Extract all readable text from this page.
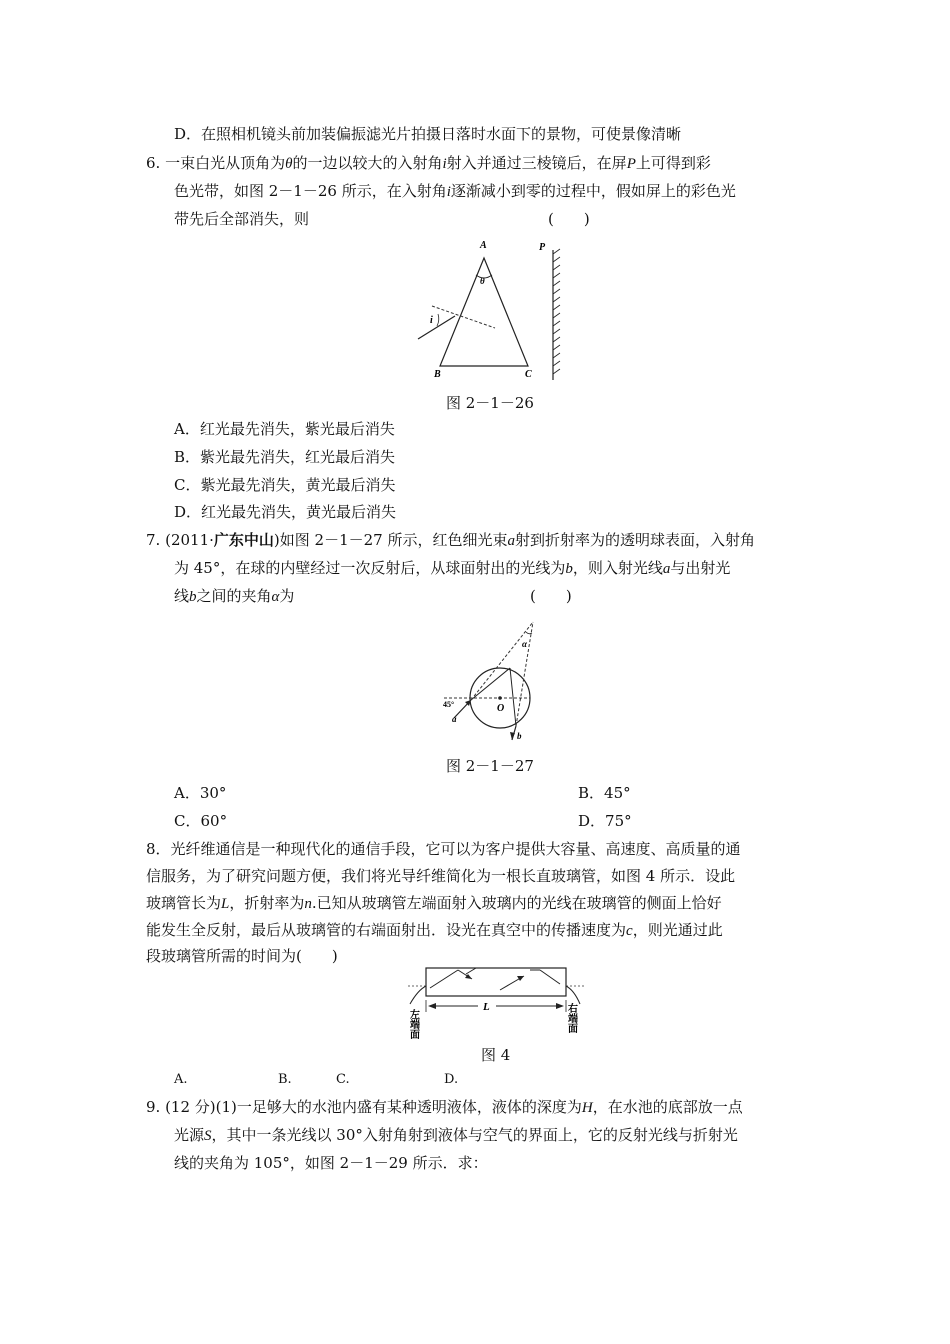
D．在照相机镜头前加装偏振滤光片拍摄日落时水面下的景物，可使景像清晰
6. 一束白光从顶角为θ的一边以较大的入射角i射入并通过三棱镜后，在屏P上可得到彩
色光带，如图 2－1－26 所示，在入射角i逐渐减小到零的过程中，假如屏上的彩色光
带先后全部消失，则	(　　)
A
B	C
P
θ
i
图 2－1－26
A．红光最先消失，紫光最后消失
B．紫光最先消失，红光最后消失
C．紫光最先消失，黄光最后消失
D．红光最先消失，黄光最后消失
7. (2011·广东中山)如图 2－1－27 所示，红色细光束a射到折射率为的透明球表面，入射角
为 45°，在球的内壁经过一次反射后，从球面射出的光线为b，则入射光线a与出射光
线b之间的夹角α为	(　　)
O
45°
a
b
α
图 2－1－27
A．30°	B．45°
C．60°	D．75°
8．光纤维通信是一种现代化的通信手段，它可以为客户提供大容量、高速度、高质量的通
信服务，为了研究问题方便，我们将光导纤维简化为一根长直玻璃管，如图 4 所示．设此
玻璃管长为L，折射率为n.已知从玻璃管左端面射入玻璃内的光线在玻璃管的侧面上恰好
能发生全反射，最后从玻璃管的右端面射出．设光在真空中的传播速度为c，则光通过此
段玻璃管所需的时间为(　　)
L
左
端
面
右
端
面
图 4
A.	B.	C.	D.
9. (12 分)(1)一足够大的水池内盛有某种透明液体，液体的深度为H，在水池的底部放一点
光源S，其中一条光线以 30°入射角射到液体与空气的界面上，它的反射光线与折射光
线的夹角为 105°，如图 2－1－29 所示．求：
